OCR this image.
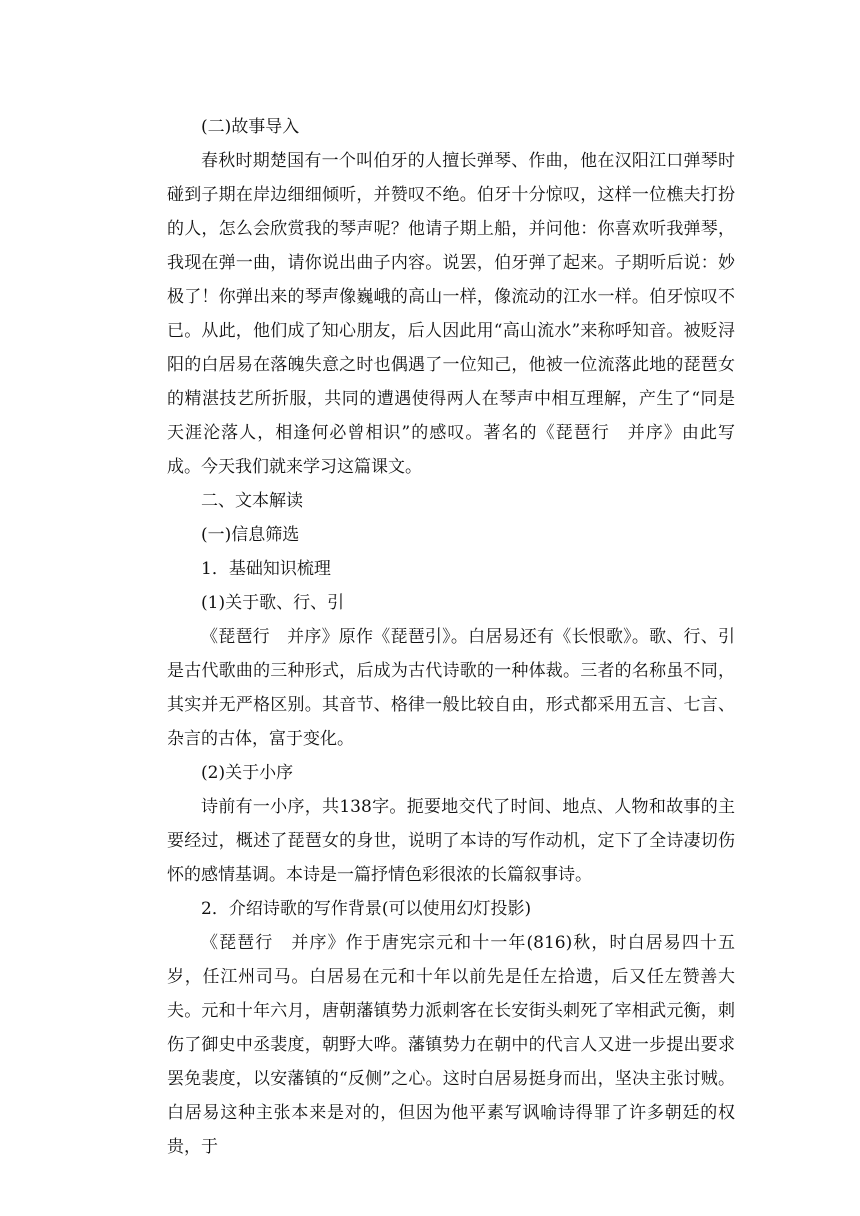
(二)故事导入

春秋时期楚国有一个叫伯牙的人擅长弹琴、作曲，他在汉阳江口弹琴时碰到子期在岸边细细倾听，并赞叹不绝。伯牙十分惊叹，这样一位樵夫打扮的人，怎么会欣赏我的琴声呢？他请子期上船，并问他：你喜欢听我弹琴，我现在弹一曲，请你说出曲子内容。说罢，伯牙弹了起来。子期听后说：妙极了！你弹出来的琴声像巍峨的高山一样，像流动的江水一样。伯牙惊叹不已。从此，他们成了知心朋友，后人因此用“高山流水”来称呼知音。被贬浔阳的白居易在落魄失意之时也偶遇了一位知己，他被一位流落此地的琵琶女的精湛技艺所折服，共同的遭遇使得两人在琴声中相互理解，产生了“同是天涯沦落人，相逢何必曾相识”的感叹。著名的《琵琶行　并序》由此写成。今天我们就来学习这篇课文。

二、文本解读

(一)信息筛选

1．基础知识梳理

(1)关于歌、行、引

《琵琶行　并序》原作《琵琶引》。白居易还有《长恨歌》。歌、行、引是古代歌曲的三种形式，后成为古代诗歌的一种体裁。三者的名称虽不同，其实并无严格区别。其音节、格律一般比较自由，形式都采用五言、七言、杂言的古体，富于变化。

(2)关于小序

诗前有一小序，共138字。扼要地交代了时间、地点、人物和故事的主要经过，概述了琵琶女的身世，说明了本诗的写作动机，定下了全诗凄切伤怀的感情基调。本诗是一篇抒情色彩很浓的长篇叙事诗。

2．介绍诗歌的写作背景(可以使用幻灯投影)

《琵琶行　并序》作于唐宪宗元和十一年(816)秋，时白居易四十五岁，任江州司马。白居易在元和十年以前先是任左拾遗，后又任左赞善大夫。元和十年六月，唐朝藩镇势力派刺客在长安街头刺死了宰相武元衡，刺伤了御史中丞裴度，朝野大哗。藩镇势力在朝中的代言人又进一步提出要求罢免裴度，以安藩镇的“反侧”之心。这时白居易挺身而出，坚决主张讨贼。白居易这种主张本来是对的，但因为他平素写讽喻诗得罪了许多朝廷的权贵，于
